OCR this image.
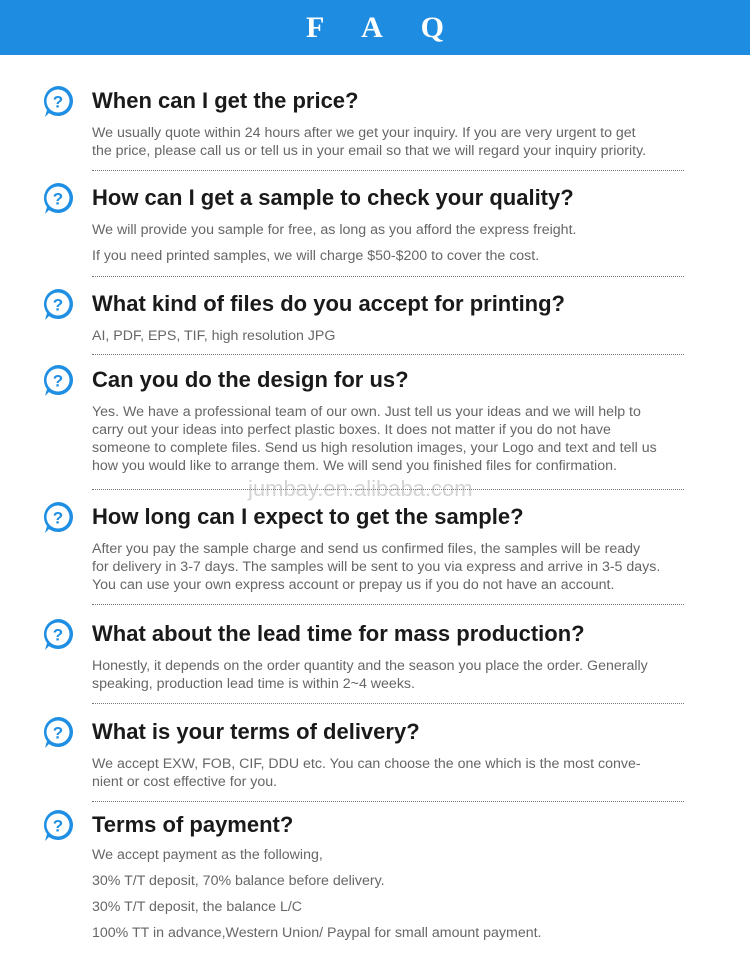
F A Q
jumbay.en.alibaba.com
? When can I get the price?

We usually quote within 24 hours after we get your inquiry. If you are very urgent to get
the price, please call us or tell us in your email so that we will regard your inquiry priority.

? How can I get a sample to check your quality?

We will provide you sample for free, as long as you afford the express freight.
If you need printed samples, we will charge $50-$200 to cover the cost.

? What kind of files do you accept for printing?

AI, PDF, EPS, TIF, high resolution JPG

? Can you do the design for us?

Yes. We have a professional team of our own. Just tell us your ideas and we will help to
carry out your ideas into perfect plastic boxes. It does not matter if you do not have
someone to complete files. Send us high resolution images, your Logo and text and tell us
how you would like to arrange them. We will send you finished files for confirmation.

? How long can I expect to get the sample?

After you pay the sample charge and send us confirmed files, the samples will be ready
for delivery in 3-7 days. The samples will be sent to you via express and arrive in 3-5 days.
You can use your own express account or prepay us if you do not have an account.

? What about the lead time for mass production?

Honestly, it depends on the order quantity and the season you place the order. Generally
speaking, production lead time is within 2~4 weeks.

? What is your terms of delivery?

We accept EXW, FOB, CIF, DDU etc. You can choose the one which is the most conve-
nient or cost effective for you.

? Terms of payment?

We accept payment as the following,
30% T/T deposit, 70% balance before delivery.
30% T/T deposit, the balance L/C
100% TT in advance,Western Union/ Paypal for small amount payment.
